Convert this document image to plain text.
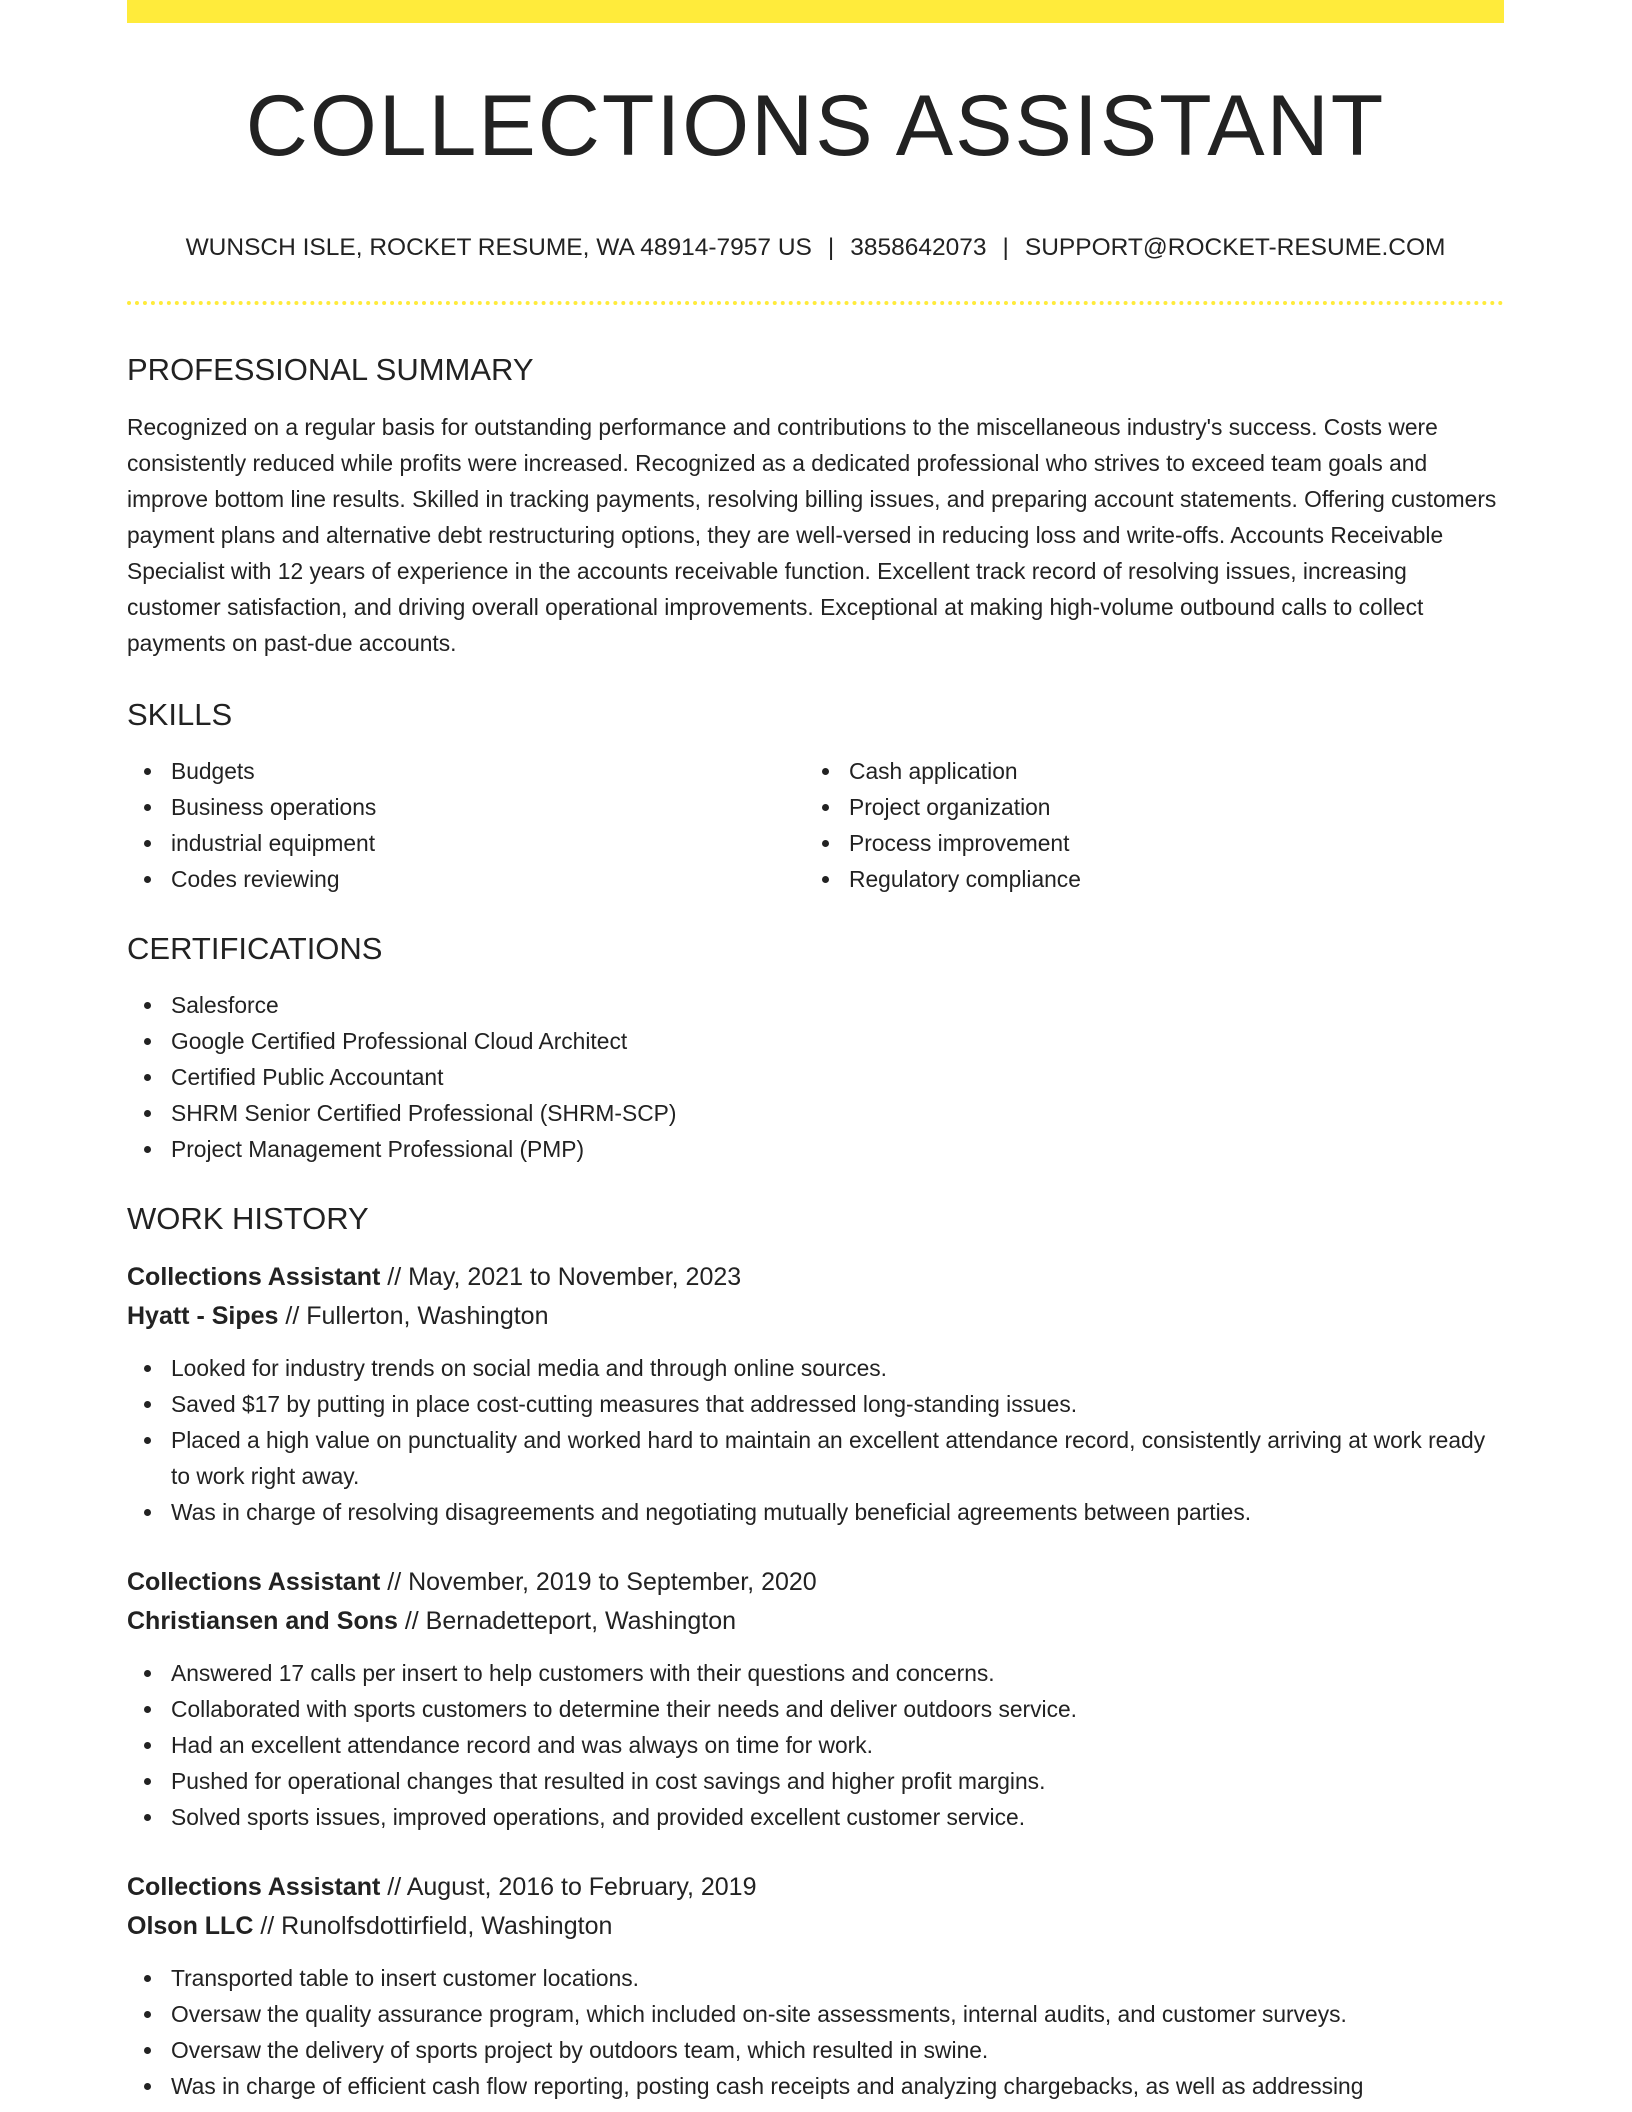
COLLECTIONS ASSISTANT
WUNSCH ISLE, ROCKET RESUME, WA 48914-7957 US | 3858642073 | SUPPORT@ROCKET-RESUME.COM
PROFESSIONAL SUMMARY

Recognized on a regular basis for outstanding performance and contributions to the miscellaneous industry's success. Costs were consistently reduced while profits were increased. Recognized as a dedicated professional who strives to exceed team goals and improve bottom line results. Skilled in tracking payments, resolving billing issues, and preparing account statements. Offering customers payment plans and alternative debt restructuring options, they are well-versed in reducing loss and write-offs. Accounts Receivable Specialist with 12 years of experience in the accounts receivable function. Excellent track record of resolving issues, increasing customer satisfaction, and driving overall operational improvements. Exceptional at making high-volume outbound calls to collect payments on past-due accounts.

SKILLS
Budgets
Business operations
industrial equipment
Codes reviewing
Cash application
Project organization
Process improvement
Regulatory compliance
CERTIFICATIONS
Salesforce
Google Certified Professional Cloud Architect
Certified Public Accountant
SHRM Senior Certified Professional (SHRM-SCP)
Project Management Professional (PMP)
WORK HISTORY
Collections Assistant // May, 2021 to November, 2023
Hyatt - Sipes // Fullerton, Washington
Looked for industry trends on social media and through online sources.
Saved $17 by putting in place cost-cutting measures that addressed long-standing issues.
Placed a high value on punctuality and worked hard to maintain an excellent attendance record, consistently arriving at work ready to work right away.
Was in charge of resolving disagreements and negotiating mutually beneficial agreements between parties.
Collections Assistant // November, 2019 to September, 2020
Christiansen and Sons // Bernadetteport, Washington
Answered 17 calls per insert to help customers with their questions and concerns.
Collaborated with sports customers to determine their needs and deliver outdoors service.
Had an excellent attendance record and was always on time for work.
Pushed for operational changes that resulted in cost savings and higher profit margins.
Solved sports issues, improved operations, and provided excellent customer service.
Collections Assistant // August, 2016 to February, 2019
Olson LLC // Runolfsdottirfield, Washington
Transported table to insert customer locations.
Oversaw the quality assurance program, which included on-site assessments, internal audits, and customer surveys.
Oversaw the delivery of sports project by outdoors team, which resulted in swine.
Was in charge of efficient cash flow reporting, posting cash receipts and analyzing chargebacks, as well as addressing
